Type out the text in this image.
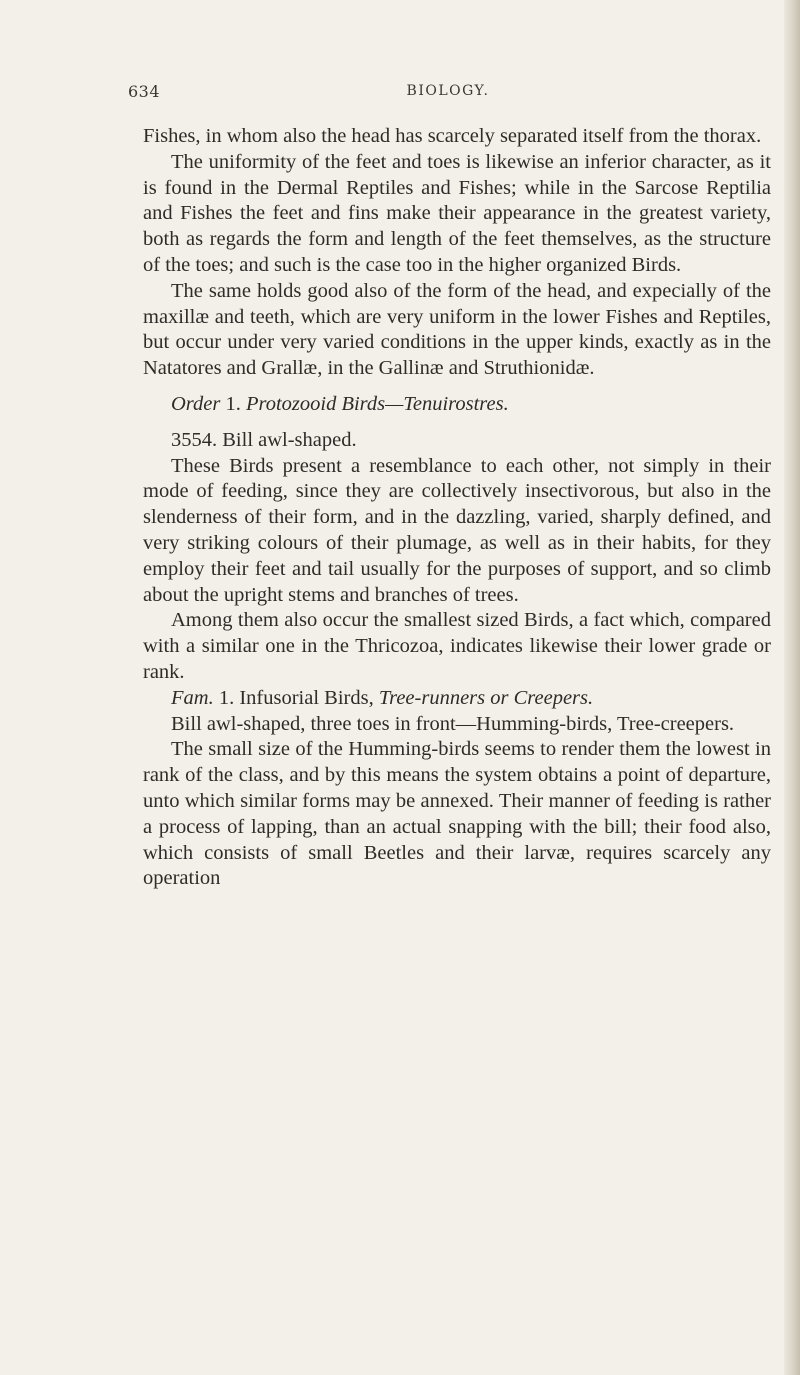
634	BIOLOGY.

Fishes, in whom also the head has scarcely separated itself from the thorax.

The uniformity of the feet and toes is likewise an inferior character, as it is found in the Dermal Reptiles and Fishes; while in the Sarcose Reptilia and Fishes the feet and fins make their appearance in the greatest variety, both as regards the form and length of the feet themselves, as the structure of the toes; and such is the case too in the higher organized Birds.

The same holds good also of the form of the head, and expecially of the maxillæ and teeth, which are very uniform in the lower Fishes and Reptiles, but occur under very varied conditions in the upper kinds, exactly as in the Natatores and Grallæ, in the Gallinæ and Struthionidæ.

Order 1. Protozooid Birds—Tenuirostres.

3554. Bill awl-shaped.

These Birds present a resemblance to each other, not simply in their mode of feeding, since they are collectively insectivorous, but also in the slenderness of their form, and in the dazzling, varied, sharply defined, and very striking colours of their plumage, as well as in their habits, for they employ their feet and tail usually for the purposes of support, and so climb about the upright stems and branches of trees.

Among them also occur the smallest sized Birds, a fact which, compared with a similar one in the Thricozoa, indicates likewise their lower grade or rank.

Fam. 1. Infusorial Birds, Tree-runners or Creepers.

Bill awl-shaped, three toes in front—Humming-birds, Tree-creepers.

The small size of the Humming-birds seems to render them the lowest in rank of the class, and by this means the system obtains a point of departure, unto which similar forms may be annexed. Their manner of feeding is rather a process of lapping, than an actual snapping with the bill; their food also, which consists of small Beetles and their larvæ, requires scarcely any operation
